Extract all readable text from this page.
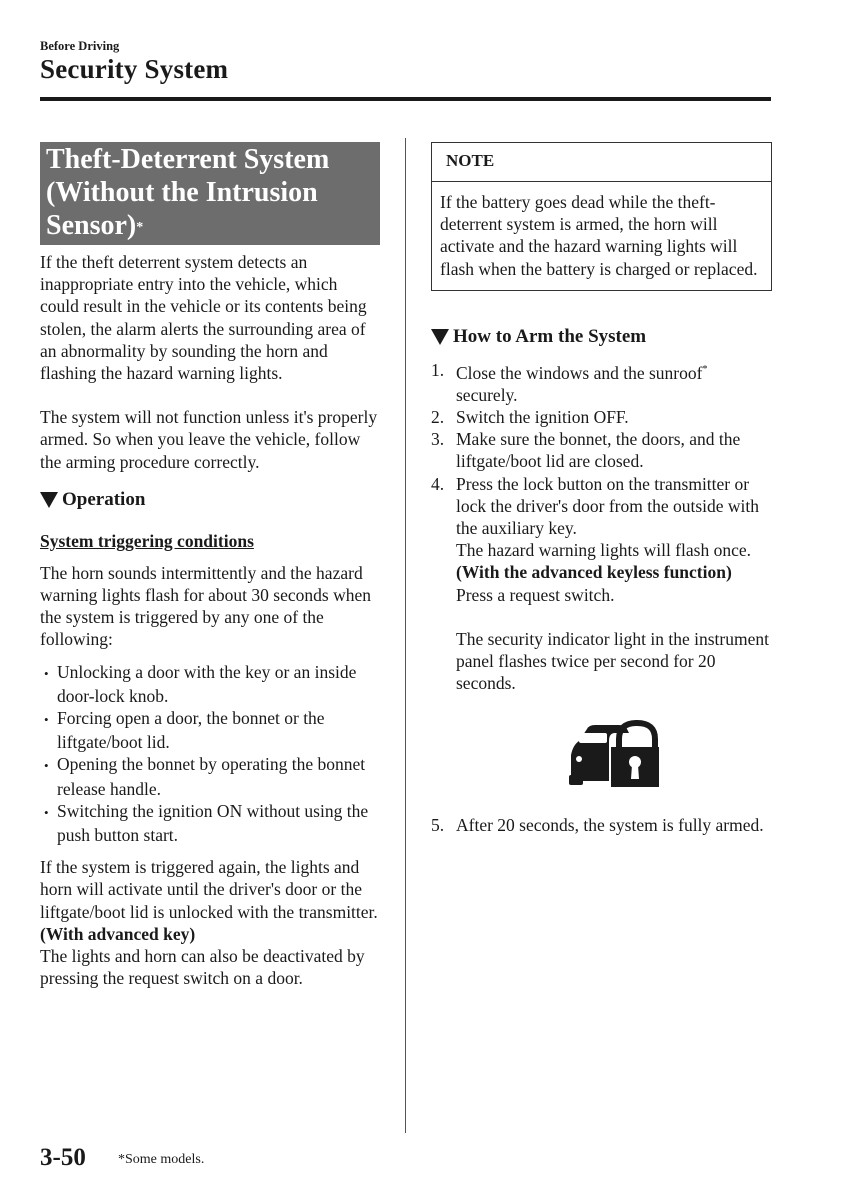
Before Driving
Security System
Theft-Deterrent System
(Without the Intrusion
Sensor)*

If the theft deterrent system detects an inappropriate entry into the vehicle, which could result in the vehicle or its contents being stolen, the alarm alerts the surrounding area of an abnormality by sounding the horn and flashing the hazard warning lights.

The system will not function unless it's properly armed. So when you leave the vehicle, follow the arming procedure correctly.

Operation
System triggering conditions

The horn sounds intermittently and the hazard warning lights flash for about 30 seconds when the system is triggered by any one of the following:

• Unlocking a door with the key or an inside door-lock knob.
• Forcing open a door, the bonnet or the liftgate/boot lid.
• Opening the bonnet by operating the bonnet release handle.
• Switching the ignition ON without using the push button start.

If the system is triggered again, the lights and horn will activate until the driver's door or the liftgate/boot lid is unlocked with the transmitter.

(With advanced key)

The lights and horn can also be deactivated by pressing the request switch on a door.

NOTE
If the battery goes dead while the theft-deterrent system is armed, the horn will activate and the hazard warning lights will flash when the battery is charged or replaced.
How to Arm the System
1. Close the windows and the sunroof* securely.
2. Switch the ignition OFF.
3. Make sure the bonnet, the doors, and the liftgate/boot lid are closed.
4. Press the lock button on the transmitter or lock the driver's door from the outside with the auxiliary key.
The hazard warning lights will flash once.
(With the advanced keyless function)
Press a request switch.
The security indicator light in the instrument panel flashes twice per second for 20 seconds.
5. After 20 seconds, the system is fully armed.
3-50 *Some models.
